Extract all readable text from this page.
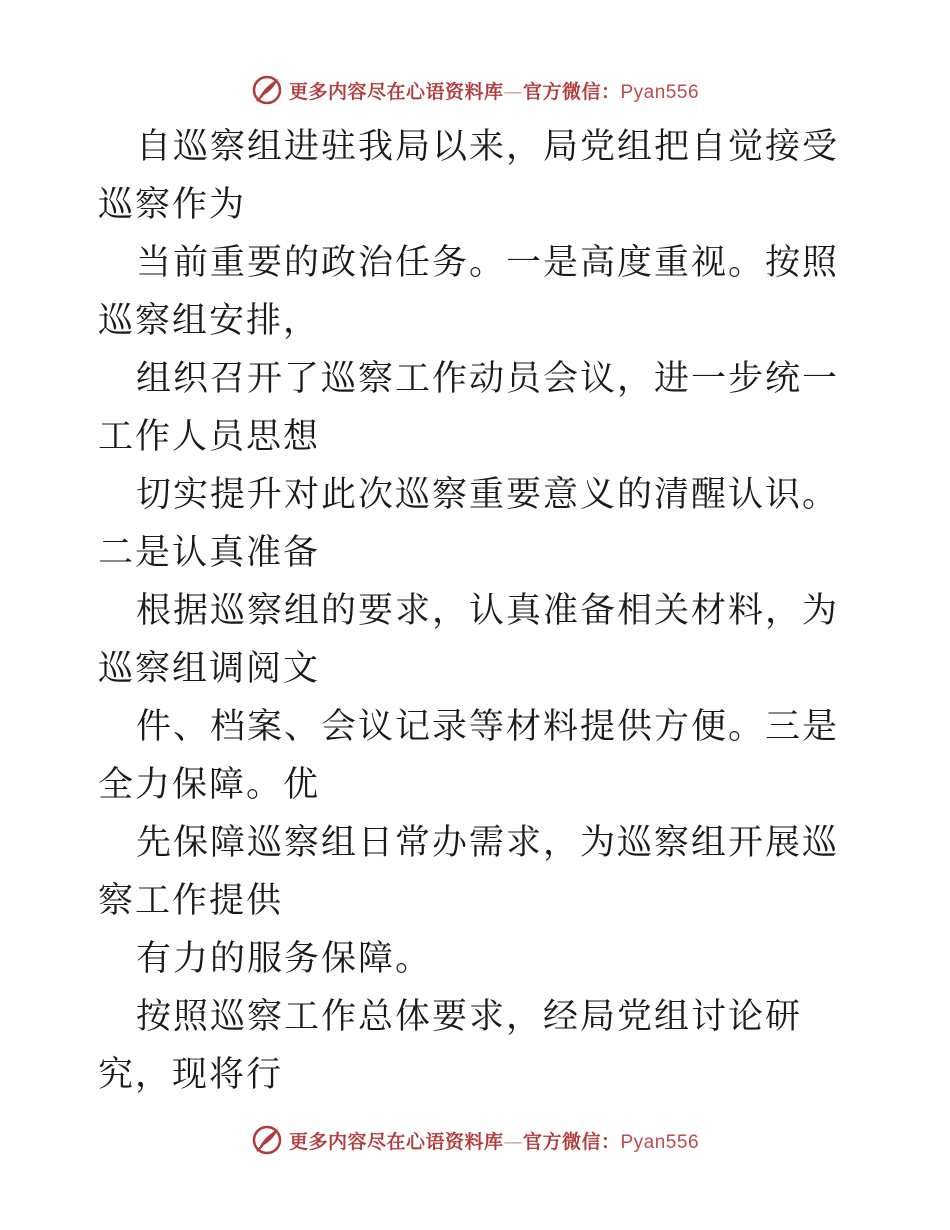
更多内容尽在心语资料库—官方微信：Pyan556

自巡察组进驻我局以来，局党组把自觉接受巡察作为

当前重要的政治任务。一是高度重视。按照巡察组安排，

组织召开了巡察工作动员会议，进一步统一工作人员思想

切实提升对此次巡察重要意义的清醒认识。二是认真准备

根据巡察组的要求，认真准备相关材料，为巡察组调阅文

件、档案、会议记录等材料提供方便。三是全力保障。优

先保障巡察组日常办需求，为巡察组开展巡察工作提供

有力的服务保障。

按照巡察工作总体要求，经局党组讨论研究，现将行

更多内容尽在心语资料库—官方微信：Pyan556
